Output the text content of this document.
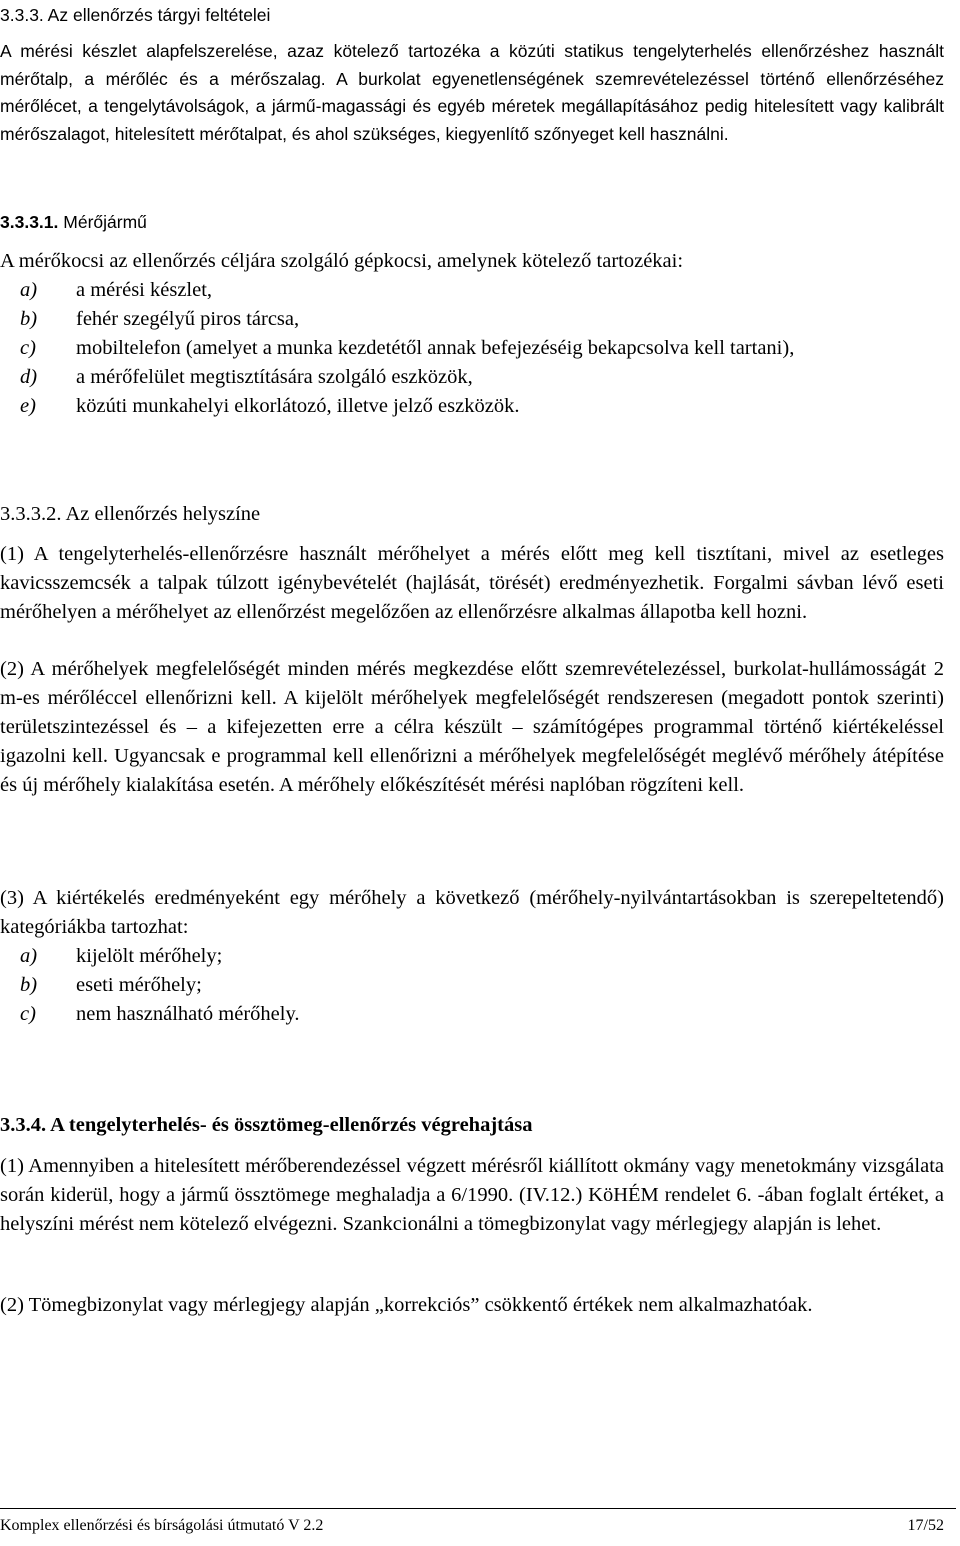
3.3.3. Az ellenőrzés tárgyi feltételei
A mérési készlet alapfelszerelése, azaz kötelező tartozéka a közúti statikus tengelyterhelés ellenőrzéshez használt mérőtalp, a mérőléc és a mérőszalag. A burkolat egyenetlenségének szemrevételezéssel történő ellenőrzéséhez mérőlécet, a tengelytávolságok, a jármű-magassági és egyéb méretek megállapításához pedig hitelesített vagy kalibrált mérőszalagot, hitelesített mérőtalpat, és ahol szükséges, kiegyenlítő szőnyeget kell használni.
3.3.3.1. Mérőjármű
A mérőkocsi az ellenőrzés céljára szolgáló gépkocsi, amelynek kötelező tartozékai:
a) a mérési készlet,
b) fehér szegélyű piros tárcsa,
c) mobiltelefon (amelyet a munka kezdetétől annak befejezéséig bekapcsolva kell tartani),
d) a mérőfelület megtisztítására szolgáló eszközök,
e) közúti munkahelyi elkorlátozó, illetve jelző eszközök.
3.3.3.2. Az ellenőrzés helyszíne
(1) A tengelyterhelés-ellenőrzésre használt mérőhelyet a mérés előtt meg kell tisztítani, mivel az esetleges kavicsszemcsék a talpak túlzott igénybevételét (hajlását, törését) eredményezhetik. Forgalmi sávban lévő eseti mérőhelyen a mérőhelyet az ellenőrzést megelőzően az ellenőrzésre alkalmas állapotba kell hozni.
(2) A mérőhelyek megfelelőségét minden mérés megkezdése előtt szemrevételezéssel, burkolat-hullámosságát 2 m-es mérőléccel ellenőrizni kell. A kijelölt mérőhelyek megfelelőségét rendszeresen (megadott pontok szerinti) területszintezéssel és – a kifejezetten erre a célra készült – számítógépes programmal történő kiértékeléssel igazolni kell. Ugyancsak e programmal kell ellenőrizni a mérőhelyek megfelelőségét meglévő mérőhely átépítése és új mérőhely kialakítása esetén. A mérőhely előkészítését mérési naplóban rögzíteni kell.
(3) A kiértékelés eredményeként egy mérőhely a következő (mérőhely-nyilvántartásokban is szerepeltetendő) kategóriákba tartozhat:
a) kijelölt mérőhely;
b) eseti mérőhely;
c) nem használható mérőhely.
3.3.4. A tengelyterhelés- és össztömeg-ellenőrzés végrehajtása
(1) Amennyiben a hitelesített mérőberendezéssel végzett mérésről kiállított okmány vagy menetokmány vizsgálata során kiderül, hogy a jármű össztömege meghaladja a 6/1990. (IV.12.) KöHÉM rendelet 6. -ában foglalt értéket, a helyszíni mérést nem kötelező elvégezni. Szankcionálni a tömegbizonylat vagy mérlegjegy alapján is lehet.
(2) Tömegbizonylat vagy mérlegjegy alapján „korrekciós” csökkentő értékek nem alkalmazhatóak.
Komplex ellenőrzési és bírságolási útmutató V 2.2	17/52
